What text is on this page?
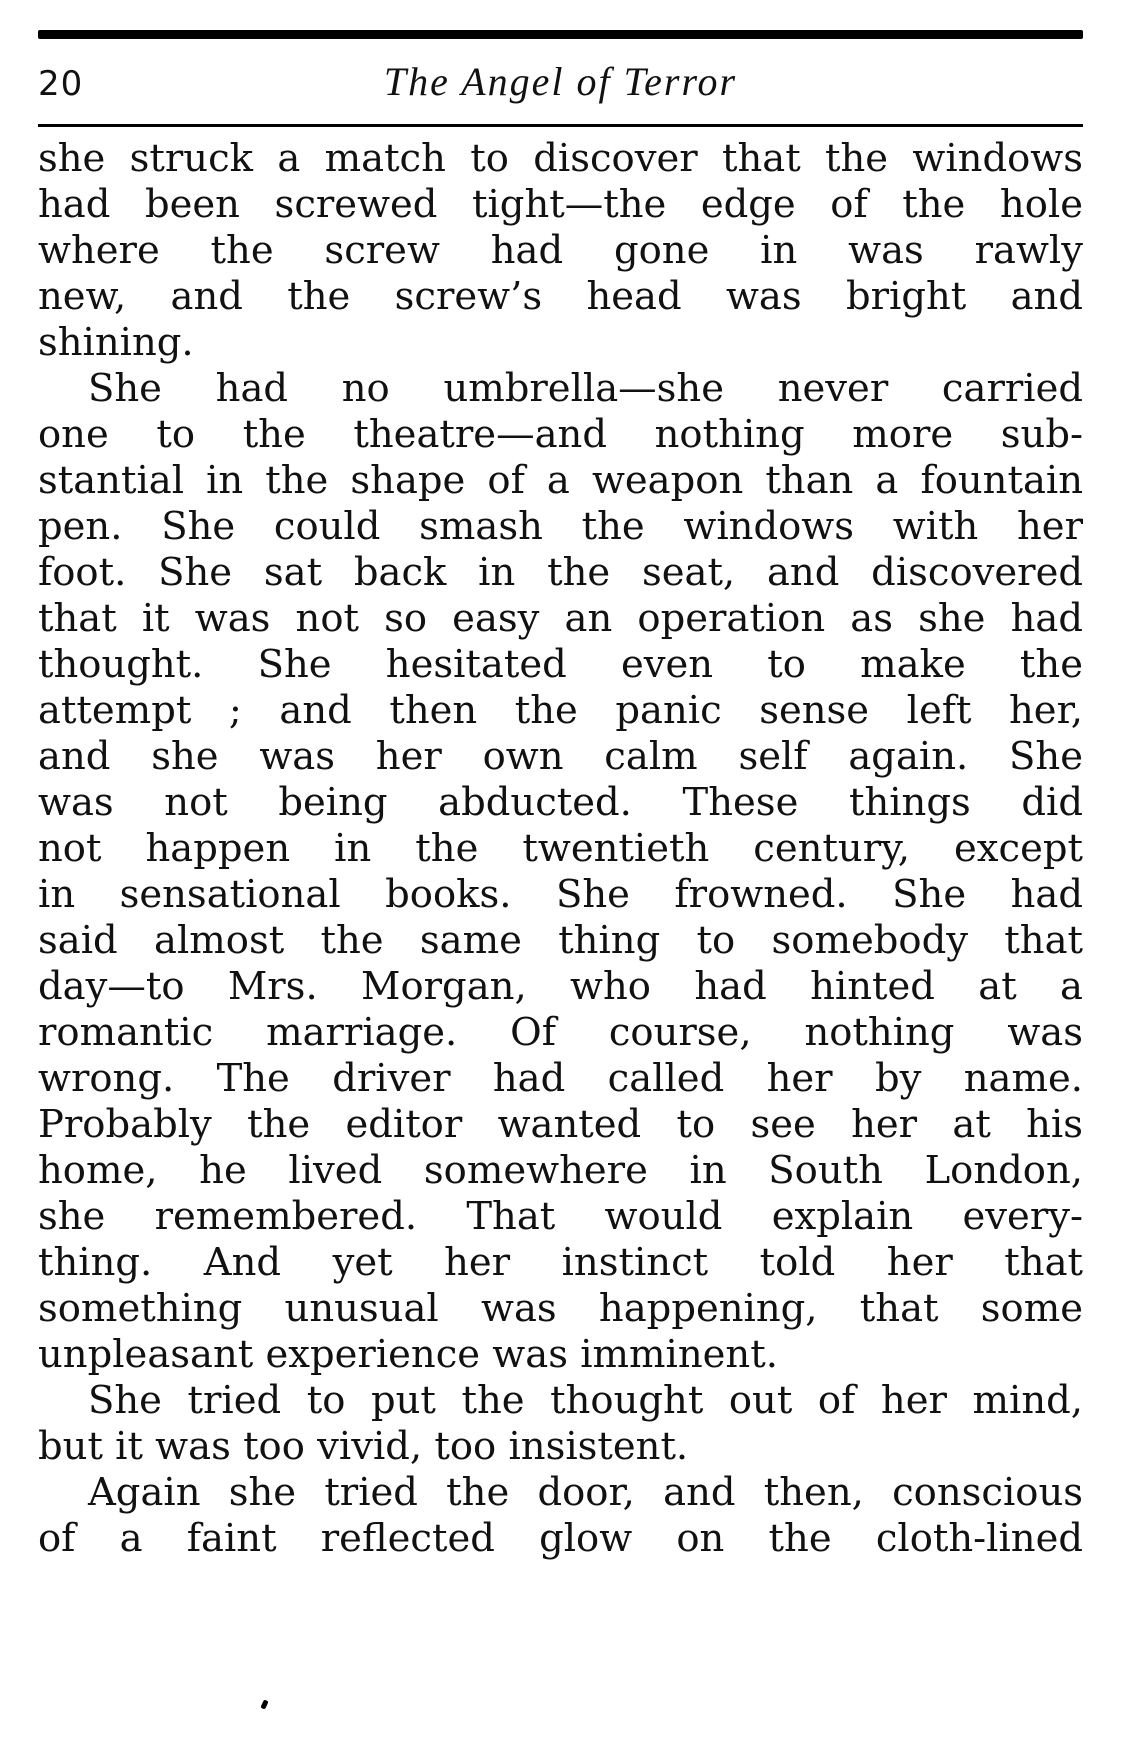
20	The Angel of Terror
she struck a match to discover that the windows
had been screwed tight—the edge of the hole
where the screw had gone in was rawly
new, and the screw’s head was bright and
shining.
She had no umbrella—she never carried
one to the theatre—and nothing more sub-
stantial in the shape of a weapon than a fountain
pen. She could smash the windows with her
foot. She sat back in the seat, and discovered
that it was not so easy an operation as she had
thought. She hesitated even to make the
attempt ; and then the panic sense left her,
and she was her own calm self again. She
was not being abducted. These things did
not happen in the twentieth century, except
in sensational books. She frowned. She had
said almost the same thing to somebody that
day—to Mrs. Morgan, who had hinted at a
romantic marriage. Of course, nothing was
wrong. The driver had called her by name.
Probably the editor wanted to see her at his
home, he lived somewhere in South London,
she remembered. That would explain every-
thing. And yet her instinct told her that
something unusual was happening, that some
unpleasant experience was imminent.
She tried to put the thought out of her mind,
but it was too vivid, too insistent.
Again she tried the door, and then, conscious
of a faint reflected glow on the cloth-lined
